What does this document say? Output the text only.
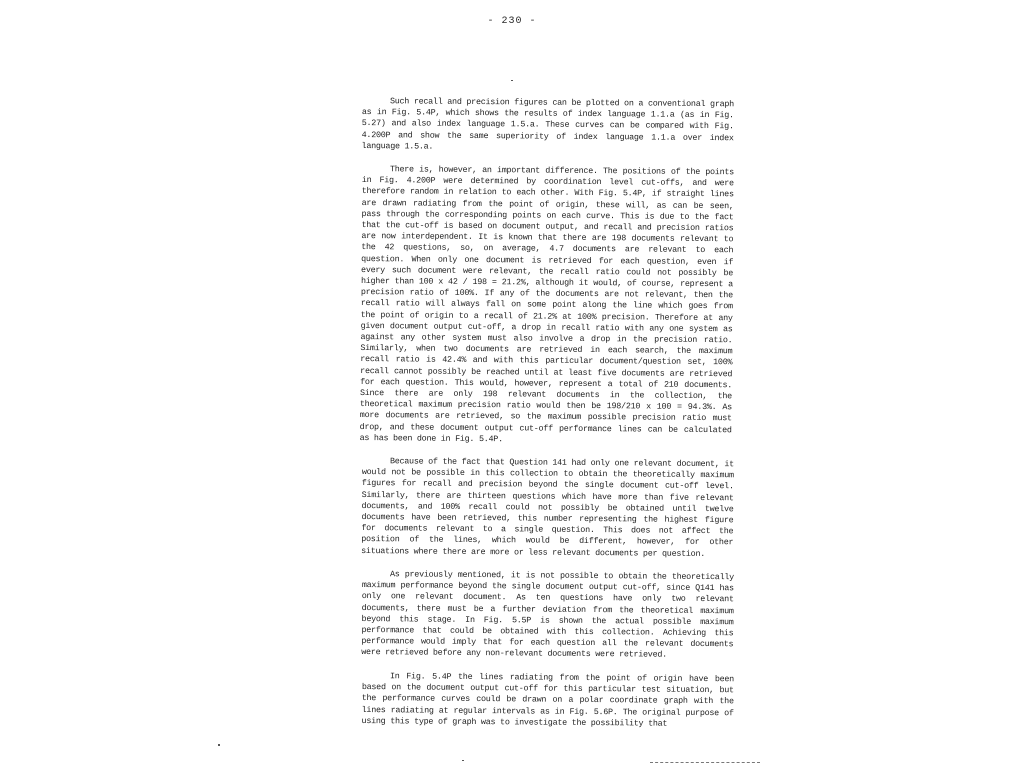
- 230 -

Such recall and precision figures can be plotted on a conventional graph as in Fig. 5.4P, which shows the results of index language 1.1.a (as in Fig. 5.27) and also index language 1.5.a. These curves can be compared with Fig. 4.200P and show the same superiority of index language 1.1.a over index language 1.5.a.

There is, however, an important difference. The positions of the points in Fig. 4.200P were determined by coordination level cut-offs, and were therefore random in relation to each other. With Fig. 5.4P, if straight lines are drawn radiating from the point of origin, these will, as can be seen, pass through the corresponding points on each curve. This is due to the fact that the cut-off is based on document output, and recall and precision ratios are now interdependent. It is known that there are 198 documents relevant to the 42 questions, so, on average, 4.7 documents are relevant to each question. When only one document is retrieved for each question, even if every such document were relevant, the recall ratio could not possibly be higher than 100 x 42 / 198 = 21.2%, although it would, of course, represent a precision ratio of 100%. If any of the documents are not relevant, then the recall ratio will always fall on some point along the line which goes from the point of origin to a recall of 21.2% at 100% precision. Therefore at any given document output cut-off, a drop in recall ratio with any one system as against any other system must also involve a drop in the precision ratio. Similarly, when two documents are retrieved in each search, the maximum recall ratio is 42.4% and with this particular document/question set, 100% recall cannot possibly be reached until at least five documents are retrieved for each question. This would, however, represent a total of 210 documents. Since there are only 198 relevant documents in the collection, the theoretical maximum precision ratio would then be 198/210 x 100 = 94.3%. As more documents are retrieved, so the maximum possible precision ratio must drop, and these document output cut-off performance lines can be calculated as has been done in Fig. 5.4P.

Because of the fact that Question 141 had only one relevant document, it would not be possible in this collection to obtain the theoretically maximum figures for recall and precision beyond the single document cut-off level. Similarly, there are thirteen questions which have more than five relevant documents, and 100% recall could not possibly be obtained until twelve documents have been retrieved, this number representing the highest figure for documents relevant to a single question. This does not affect the position of the lines, which would be different, however, for other situations where there are more or less relevant documents per question.

As previously mentioned, it is not possible to obtain the theoretically maximum performance beyond the single document output cut-off, since Q141 has only one relevant document. As ten questions have only two relevant documents, there must be a further deviation from the theoretical maximum beyond this stage. In Fig. 5.5P is shown the actual possible maximum performance that could be obtained with this collection. Achieving this performance would imply that for each question all the relevant documents were retrieved before any non-relevant documents were retrieved.

In Fig. 5.4P the lines radiating from the point of origin have been based on the document output cut-off for this particular test situation, but the performance curves could be drawn on a polar coordinate graph with the lines radiating at regular intervals as in Fig. 5.6P. The original purpose of using this type of graph was to investigate the possibility that
